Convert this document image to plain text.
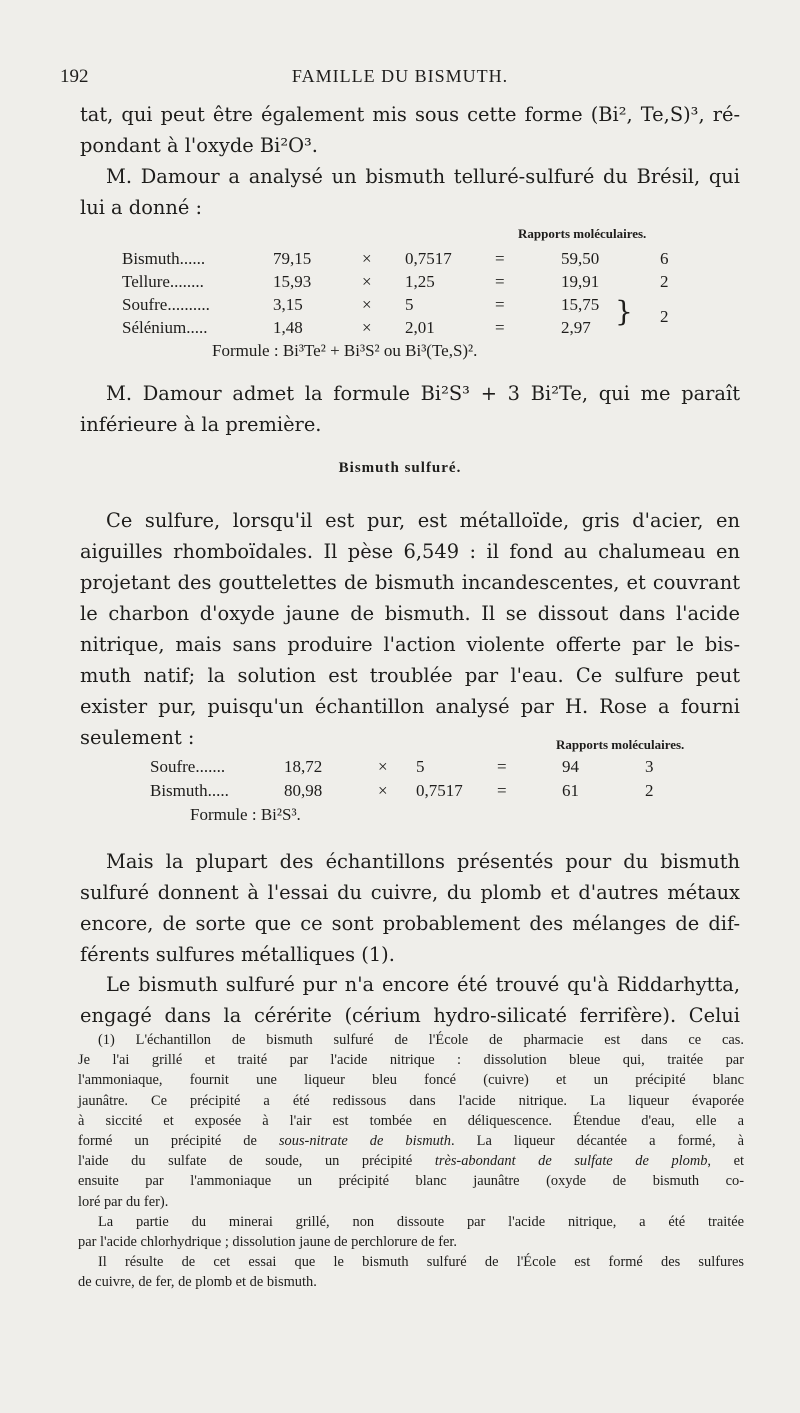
192	FAMILLE DU BISMUTH.
tat, qui peut être également mis sous cette forme (Bi², Te,S)³, ré-
pondant à l'oxyde Bi²O³.
M. Damour a analysé un bismuth telluré-sulfuré du Brésil, qui
lui a donné :
Rapports moléculaires.
Bismuth......	79,15	× 0,7517	=	59,50	6
Tellure........	15,93	× 1,25	=	19,91	2
Soufre..........	3,15	× 5	=	15,75
Sélénium.....	1,48	× 2,01	=	2,97 } 2
Formule : Bi³Te² + Bi³S² ou Bi³(Te,S)².
M. Damour admet la formule Bi²S³ + 3 Bi²Te, qui me paraît
inférieure à la première.
Bismuth sulfuré.
Ce sulfure, lorsqu'il est pur, est métalloïde, gris d'acier, en
aiguilles rhomboïdales. Il pèse 6,549 : il fond au chalumeau en
projetant des gouttelettes de bismuth incandescentes, et couvrant
le charbon d'oxyde jaune de bismuth. Il se dissout dans l'acide
nitrique, mais sans produire l'action violente offerte par le bis-
muth natif; la solution est troublée par l'eau. Ce sulfure peut
exister pur, puisqu'un échantillon analysé par H. Rose a fourni
seulement :	Rapports moléculaires.
Soufre.......	18,72	× 5	=	94	3
Bismuth.....	80,98	× 0,7517 =	61	2
Formule : Bi²S³.
Mais la plupart des échantillons présentés pour du bismuth
sulfuré donnent à l'essai du cuivre, du plomb et d'autres métaux
encore, de sorte que ce sont probablement des mélanges de dif-
férents sulfures métalliques (1).
Le bismuth sulfuré pur n'a encore été trouvé qu'à Riddarhytta,
engagé dans la cérérite (cérium hydro-silicaté ferrifère). Celui

(1) L'échantillon de bismuth sulfuré de l'École de pharmacie est dans ce cas.
Je l'ai grillé et traité par l'acide nitrique : dissolution bleue qui, traitée par
l'ammoniaque, fournit une liqueur bleu foncé (cuivre) et un précipité blanc
jaunâtre. Ce précipité a été redissous dans l'acide nitrique. La liqueur évaporée
à siccité et exposée à l'air est tombée en déliquescence. Étendue d'eau, elle a
formé un précipité de sous-nitrate de bismuth. La liqueur décantée a formé, à
l'aide du sulfate de soude, un précipité très-abondant de sulfate de plomb, et
ensuite par l'ammoniaque un précipité blanc jaunâtre (oxyde de bismuth co-
loré par du fer).

La partie du minerai grillé, non dissoute par l'acide nitrique, a été traitée
par l'acide chlorhydrique ; dissolution jaune de perchlorure de fer.

Il résulte de cet essai que le bismuth sulfuré de l'École est formé des sulfures
de cuivre, de fer, de plomb et de bismuth.
